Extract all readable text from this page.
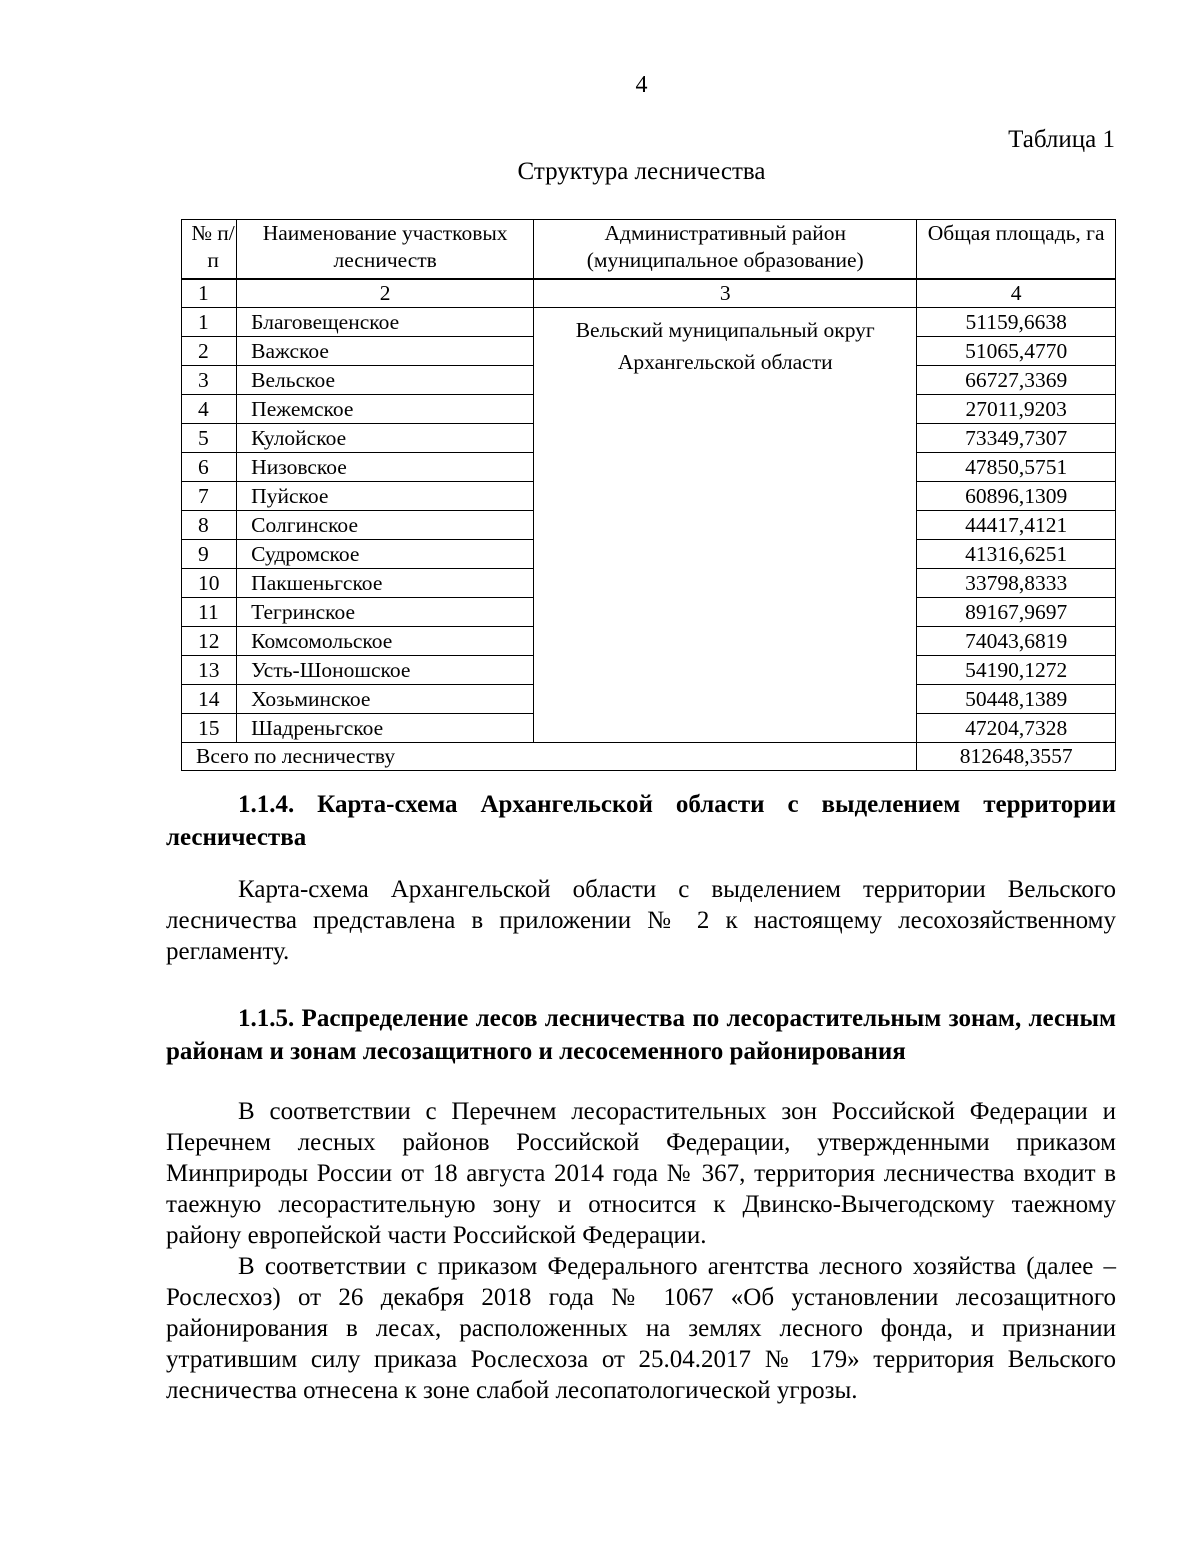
4
Таблица 1
Структура лесничества
№ п/п	Наименование участковых лесничеств	Административный район (муниципальное образование)	Общая площадь, га
1	2	3	4
1	Благовещенское	Вельский муниципальный округ Архангельской области	51159,6638
2	Важское		51065,4770
3	Вельское		66727,3369
4	Пежемское		27011,9203
5	Кулойское		73349,7307
6	Низовское		47850,5751
7	Пуйское		60896,1309
8	Солгинское		44417,4121
9	Судромское		41316,6251
10	Пакшеньгское		33798,8333
11	Тегринское		89167,9697
12	Комсомольское		74043,6819
13	Усть-Шоношское		54190,1272
14	Хозьминское		50448,1389
15	Шадреньгское		47204,7328
Всего по лесничеству			812648,3557
1.1.4. Карта-схема Архангельской области с выделением территории лесничества
Карта-схема Архангельской области с выделением территории Вельского лесничества представлена в приложении № 2 к настоящему лесохозяйственному регламенту.
1.1.5. Распределение лесов лесничества по лесорастительным зонам, лесным районам и зонам лесозащитного и лесосеменного районирования

В соответствии с Перечнем лесорастительных зон Российской Федерации и Перечнем лесных районов Российской Федерации, утвержденными приказом Минприроды России от 18 августа 2014 года № 367, территория лесничества входит в таежную лесорастительную зону и относится к Двинско-Вычегодскому таежному району европейской части Российской Федерации.

В соответствии с приказом Федерального агентства лесного хозяйства (далее – Рослесхоз) от 26 декабря 2018 года № 1067 «Об установлении лесозащитного районирования в лесах, расположенных на землях лесного фонда, и признании утратившим силу приказа Рослесхоза от 25.04.2017 № 179» территория Вельского лесничества отнесена к зоне слабой лесопатологической угрозы.
